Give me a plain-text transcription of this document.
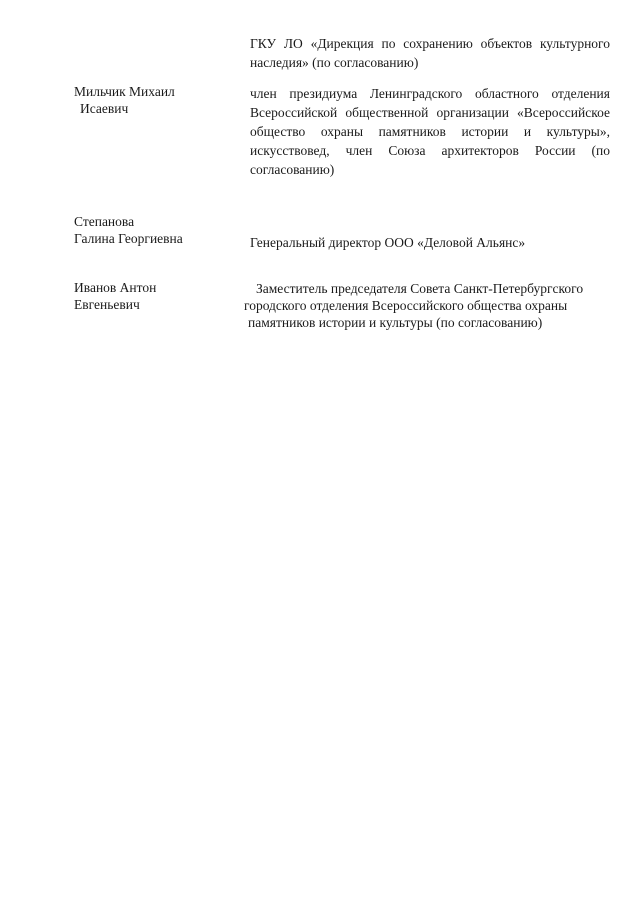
ГКУ ЛО «Дирекция по сохранению объектов культурного
наследия» (по согласованию)
Мильчик Михаил
Исаевич
член президиума Ленинградского областного отделения
Всероссийской общественной организации «Всероссийское
общество охраны памятников истории и культуры»,
искусствовед, член Союза архитекторов России (по
согласованию)
Степанова
Галина Георгиевна	Генеральный директор ООО «Деловой Альянс»
Иванов Антон
Евгеньевич
Заместитель председателя Совета Санкт-Петербургского
городского отделения Всероссийского общества охраны
памятников истории и культуры (по согласованию)
